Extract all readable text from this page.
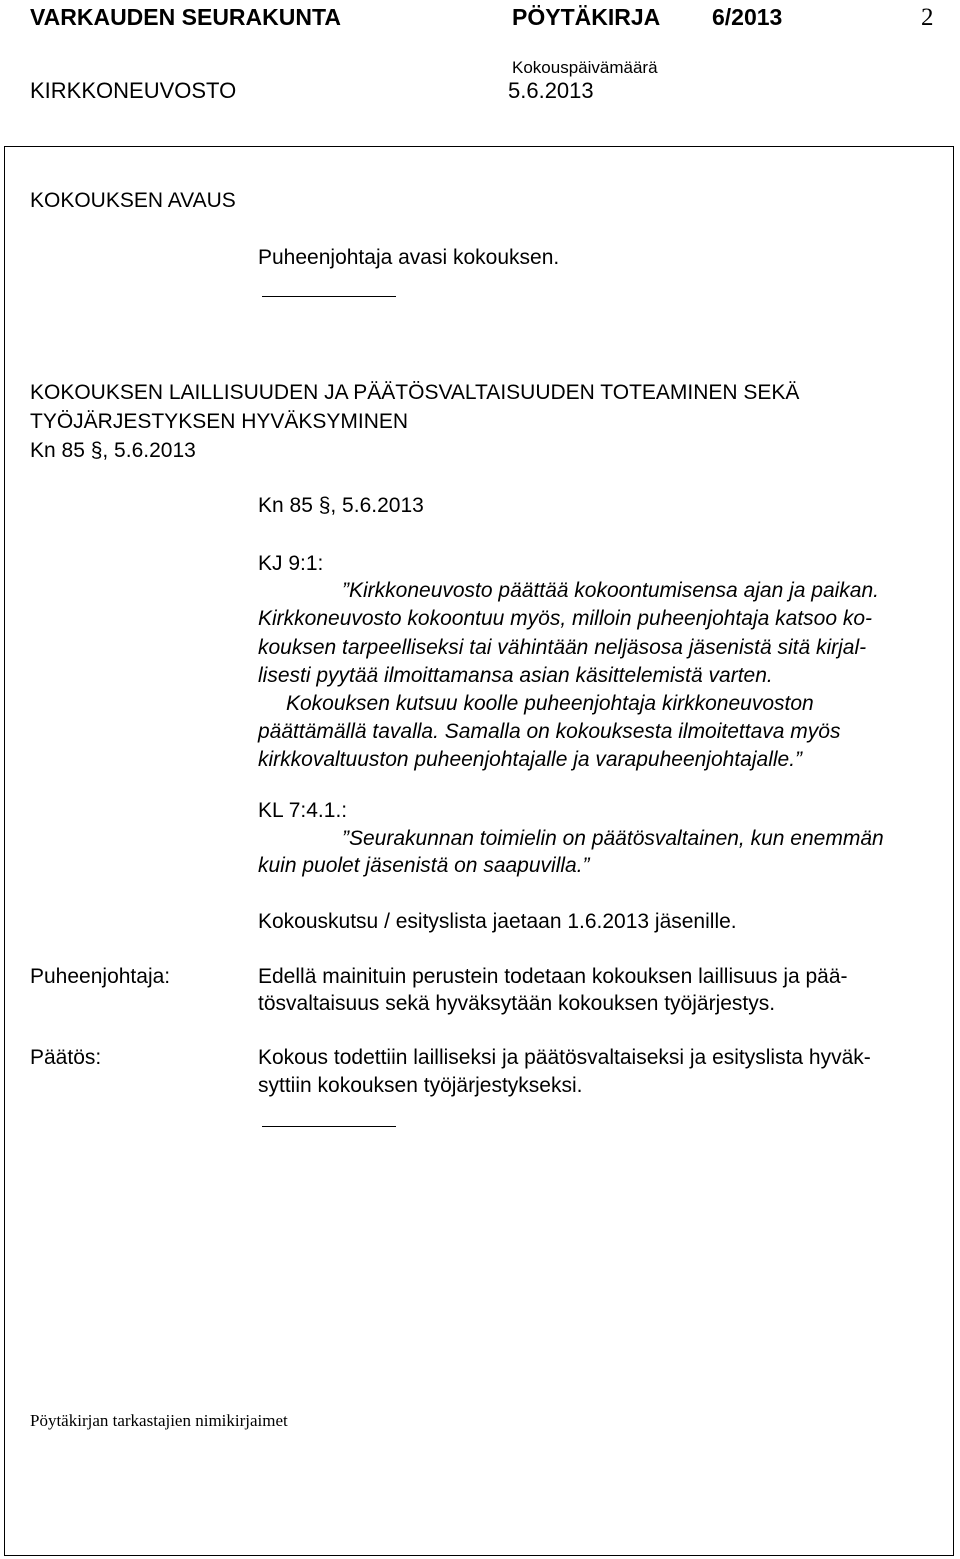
VARKAUDEN SEURAKUNTA	PÖYTÄKIRJA 6/2013	2
KIRKKONEUVOSTO
Kokouspäivämäärä
5.6.2013
KOKOUKSEN AVAUS
Puheenjohtaja avasi kokouksen.
KOKOUKSEN LAILLISUUDEN JA PÄÄTÖSVALTAISUUDEN TOTEAMINEN SEKÄ
TYÖJÄRJESTYKSEN HYVÄKSYMINEN
Kn 85 §, 5.6.2013
Kn 85 §, 5.6.2013
KJ 9:1:
”Kirkkoneuvosto päättää kokoontumisensa ajan ja paikan.
Kirkkoneuvosto kokoontuu myös, milloin puheenjohtaja katsoo ko-
kouksen tarpeelliseksi tai vähintään neljäsosa jäsenistä sitä kirjal-
lisesti pyytää ilmoittamansa asian käsittelemistä varten.
Kokouksen kutsuu koolle puheenjohtaja kirkkoneuvoston
päättämällä tavalla. Samalla on kokouksesta ilmoitettava myös
kirkkovaltuuston puheenjohtajalle ja varapuheenjohtajalle.”
KL 7:4.1.:
”Seurakunnan toimielin on päätösvaltainen, kun enemmän
kuin puolet jäsenistä on saapuvilla.”
Kokouskutsu / esityslista jaetaan 1.6.2013 jäsenille.
Puheenjohtaja:	Edellä mainituin perustein todetaan kokouksen laillisuus ja pää-
tösvaltaisuus sekä hyväksytään kokouksen työjärjestys.
Päätös:	Kokous todettiin lailliseksi ja päätösvaltaiseksi ja esityslista hyväk-
syttiin kokouksen työjärjestykseksi.
Pöytäkirjan tarkastajien nimikirjaimet
